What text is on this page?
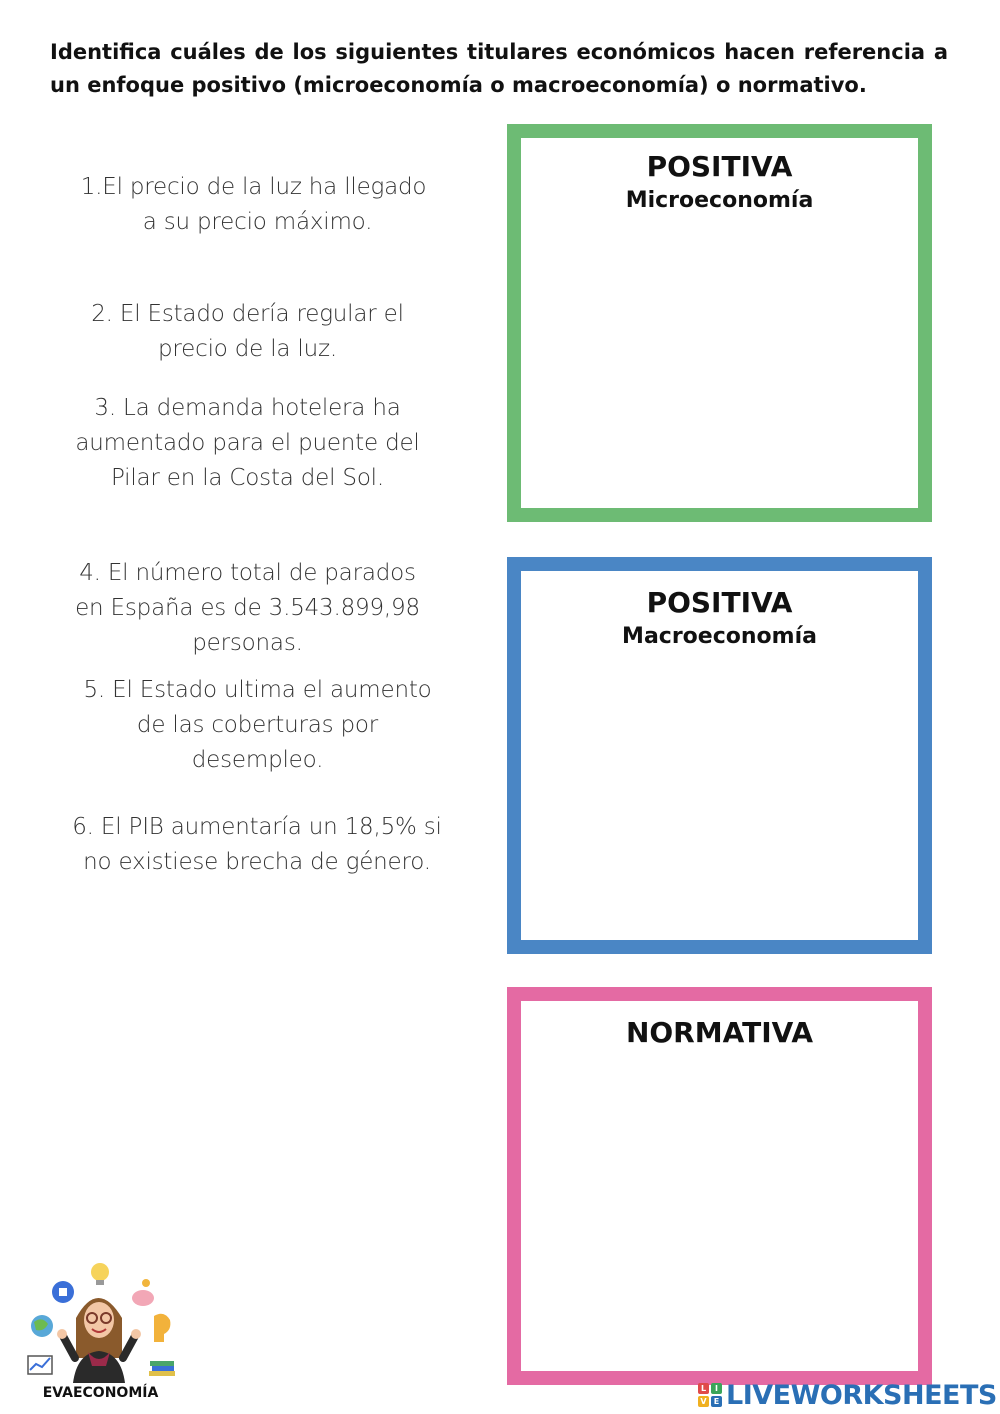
Identifica cuáles de los siguientes titulares económicos hacen referencia a un enfoque positivo (microeconomía o macroeconomía) o normativo.
1.El precio de la luz ha llegado
a su precio máximo.
2. El Estado dería regular el
precio de la luz.
3. La demanda hotelera ha
aumentado para el puente del
Pilar en la Costa del Sol.
4. El número total de parados
en España es de 3.543.899,98
personas.
5. El Estado ultima el aumento
de las coberturas por
desempleo.
6. El PIB aumentaría un 18,5% si
no existiese brecha de género.
POSITIVA
Microeconomía
POSITIVA
Macroeconomía
NORMATIVA
EVAECONOMÍA	L	I
V E LIVEWORKSHEETS
